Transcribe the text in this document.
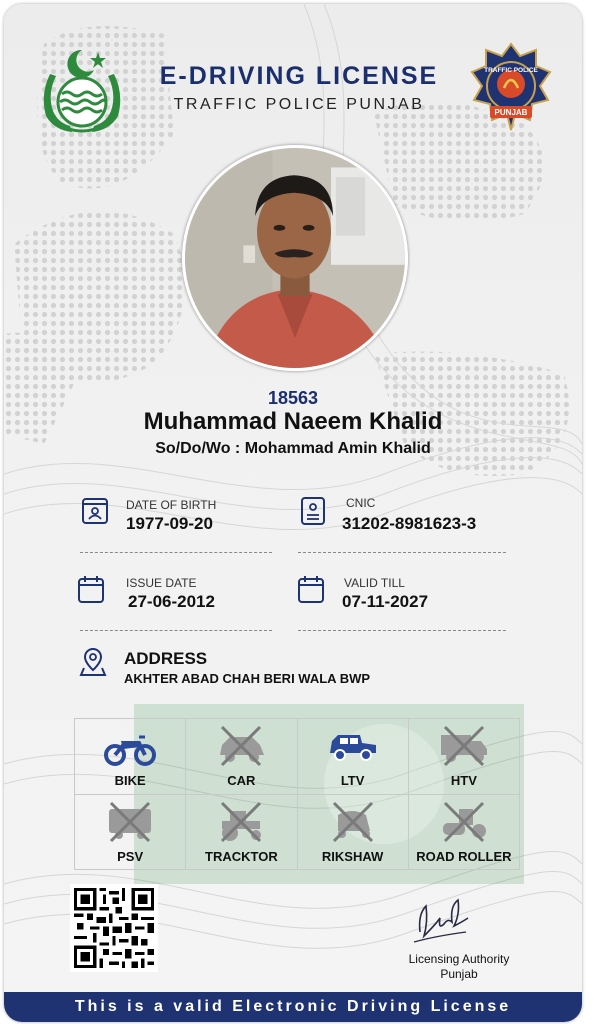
E-DRIVING LICENSE
TRAFFIC POLICE PUNJAB
TRAFFIC POLICE
PUNJAB
18563
Muhammad Naeem Khalid
So/Do/Wo : Mohammad Amin Khalid
DATE OF BIRTH
1977-09-20
CNIC
31202-8981623-3
ISSUE DATE
27-06-2012
VALID TILL
07-11-2027
ADDRESS
AKHTER ABAD CHAH BERI WALA BWP
BIKE	CAR	LTV	HTV
PSV	TRACKTOR	RIKSHAW	ROAD ROLLER
Licensing Authority
Punjab
This is a valid Electronic Driving License
